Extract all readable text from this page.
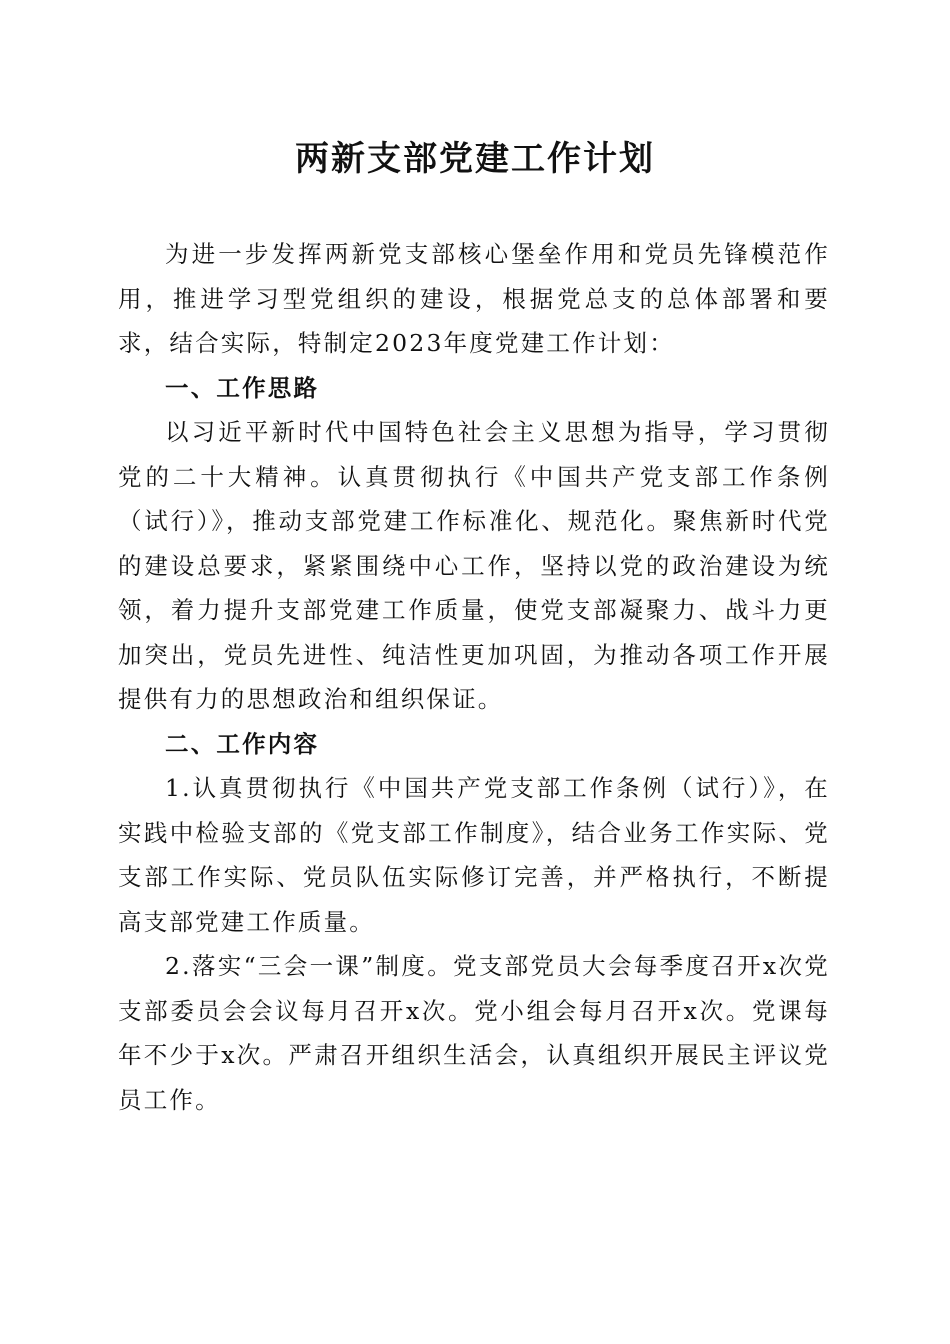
两新支部党建工作计划

为进一步发挥两新党支部核心堡垒作用和党员先锋模范作用，推进学习型党组织的建设，根据党总支的总体部署和要求，结合实际，特制定2023年度党建工作计划：

一、工作思路

以习近平新时代中国特色社会主义思想为指导，学习贯彻党的二十大精神。认真贯彻执行《中国共产党支部工作条例（试行）》，推动支部党建工作标准化、规范化。聚焦新时代党的建设总要求，紧紧围绕中心工作，坚持以党的政治建设为统领，着力提升支部党建工作质量，使党支部凝聚力、战斗力更加突出，党员先进性、纯洁性更加巩固，为推动各项工作开展提供有力的思想政治和组织保证。

二、工作内容

1.认真贯彻执行《中国共产党支部工作条例（试行）》，在实践中检验支部的《党支部工作制度》，结合业务工作实际、党支部工作实际、党员队伍实际修订完善，并严格执行，不断提高支部党建工作质量。

2.落实“三会一课”制度。党支部党员大会每季度召开x次党支部委员会会议每月召开x次。党小组会每月召开x次。党课每年不少于x次。严肃召开组织生活会，认真组织开展民主评议党员工作。
